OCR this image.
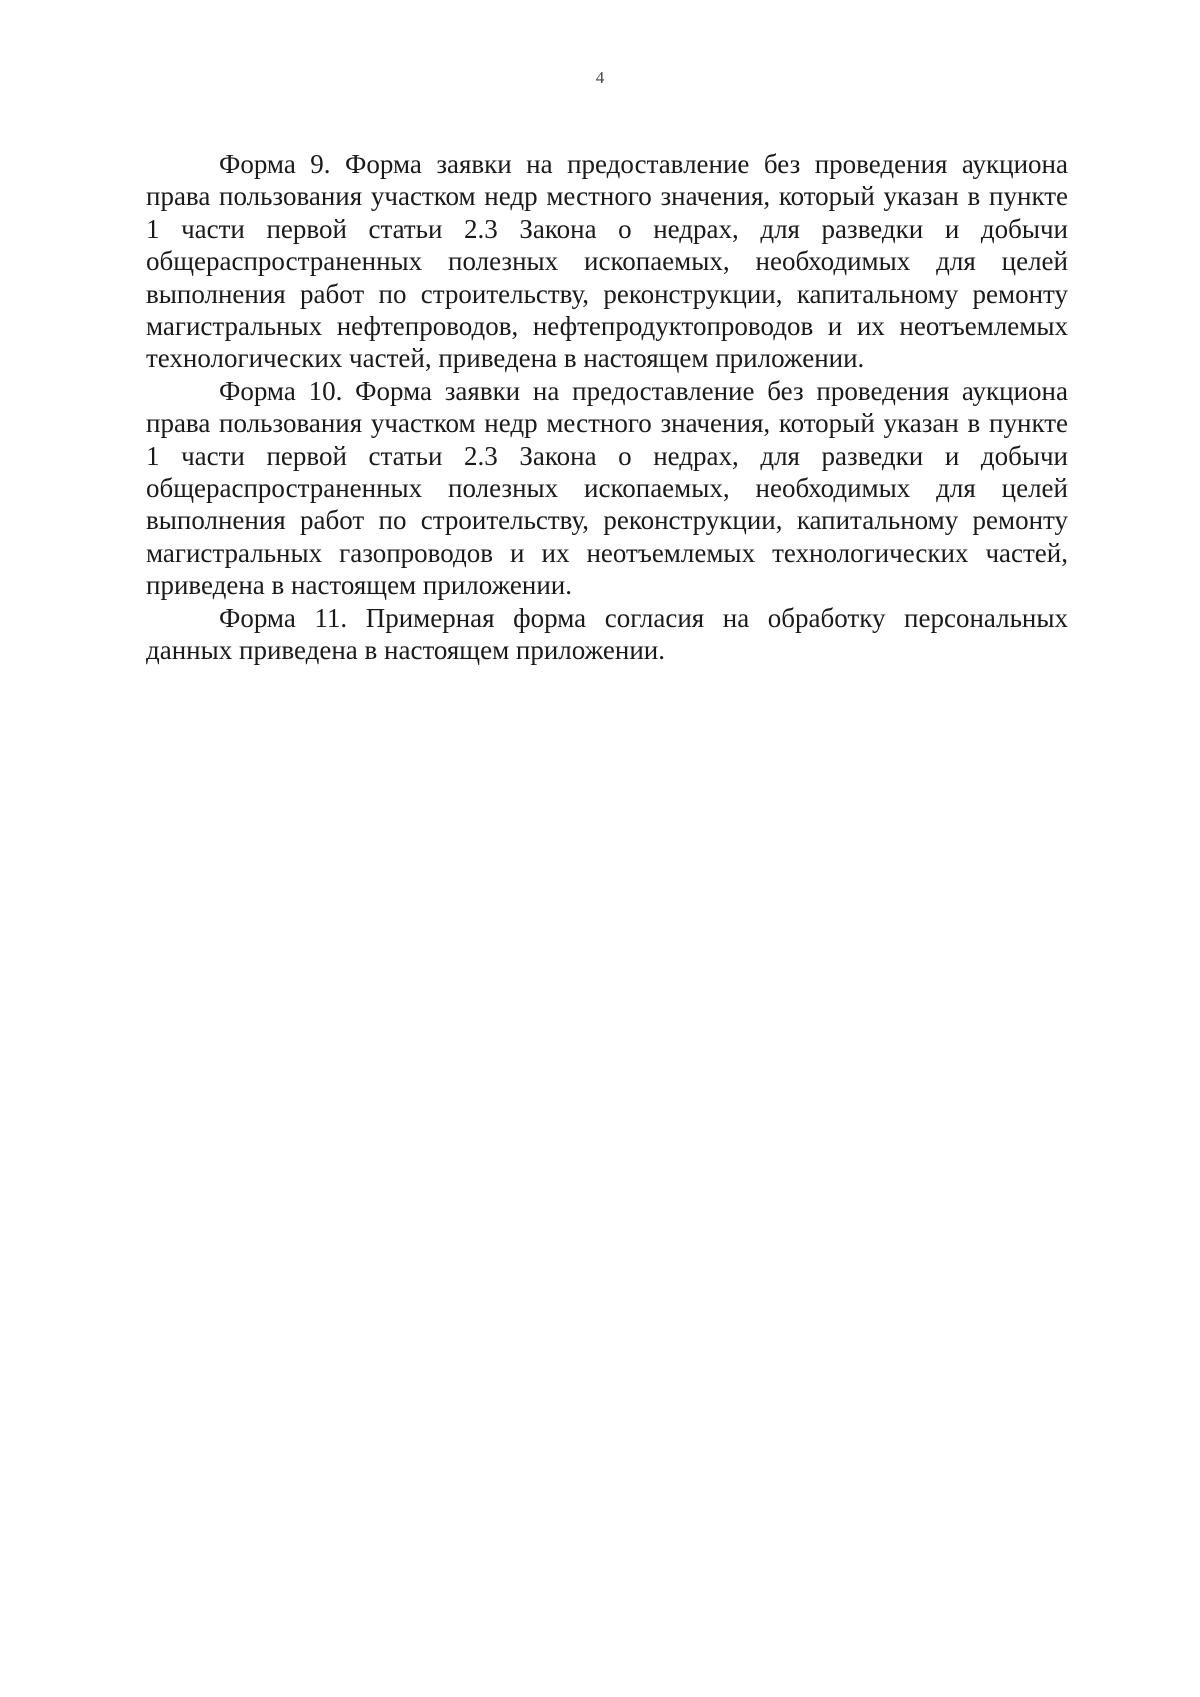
4

Форма 9. Форма заявки на предоставление без проведения аукциона права пользования участком недр местного значения, который указан в пункте 1 части первой статьи 2.3 Закона о недрах, для разведки и добычи общераспространенных полезных ископаемых, необходимых для целей выполнения работ по строительству, реконструкции, капитальному ремонту магистральных нефтепроводов, нефтепродуктопроводов и их неотъемлемых технологических частей, приведена в настоящем приложении.

Форма 10. Форма заявки на предоставление без проведения аукциона права пользования участком недр местного значения, который указан в пункте 1 части первой статьи 2.3 Закона о недрах, для разведки и добычи общераспространенных полезных ископаемых, необходимых для целей выполнения работ по строительству, реконструкции, капитальному ремонту магистральных газопроводов и их неотъемлемых технологических частей, приведена в настоящем приложении.

Форма 11. Примерная форма согласия на обработку персональных данных приведена в настоящем приложении.
